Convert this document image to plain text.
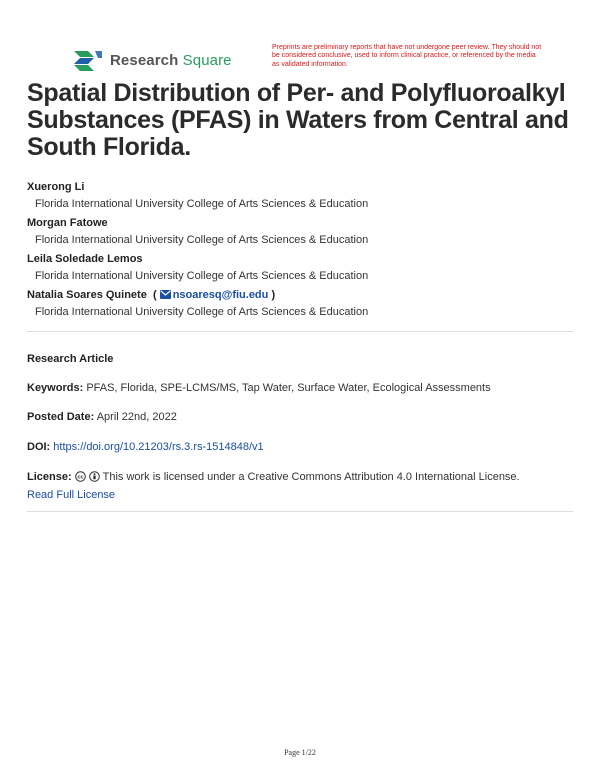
Research Square
Preprints are preliminary reports that have not undergone peer review. They should not be considered conclusive, used to inform clinical practice, or referenced by the media as validated information.
Spatial Distribution of Per- and Polyfluoroalkyl Substances (PFAS) in Waters from Central and South Florida.
Xuerong Li
Florida International University College of Arts Sciences & Education
Morgan Fatowe
Florida International University College of Arts Sciences & Education
Leila Soledade Lemos
Florida International University College of Arts Sciences & Education
Natalia Soares Quinete  ( nsoaresq@fiu.edu )
Florida International University College of Arts Sciences & Education
Research Article
Keywords: PFAS, Florida, SPE-LCMS/MS, Tap Water, Surface Water, Ecological Assessments
Posted Date: April 22nd, 2022
DOI: https://doi.org/10.21203/rs.3.rs-1514848/v1
License: cc This work is licensed under a Creative Commons Attribution 4.0 International License.
Read Full License
Page 1/22
